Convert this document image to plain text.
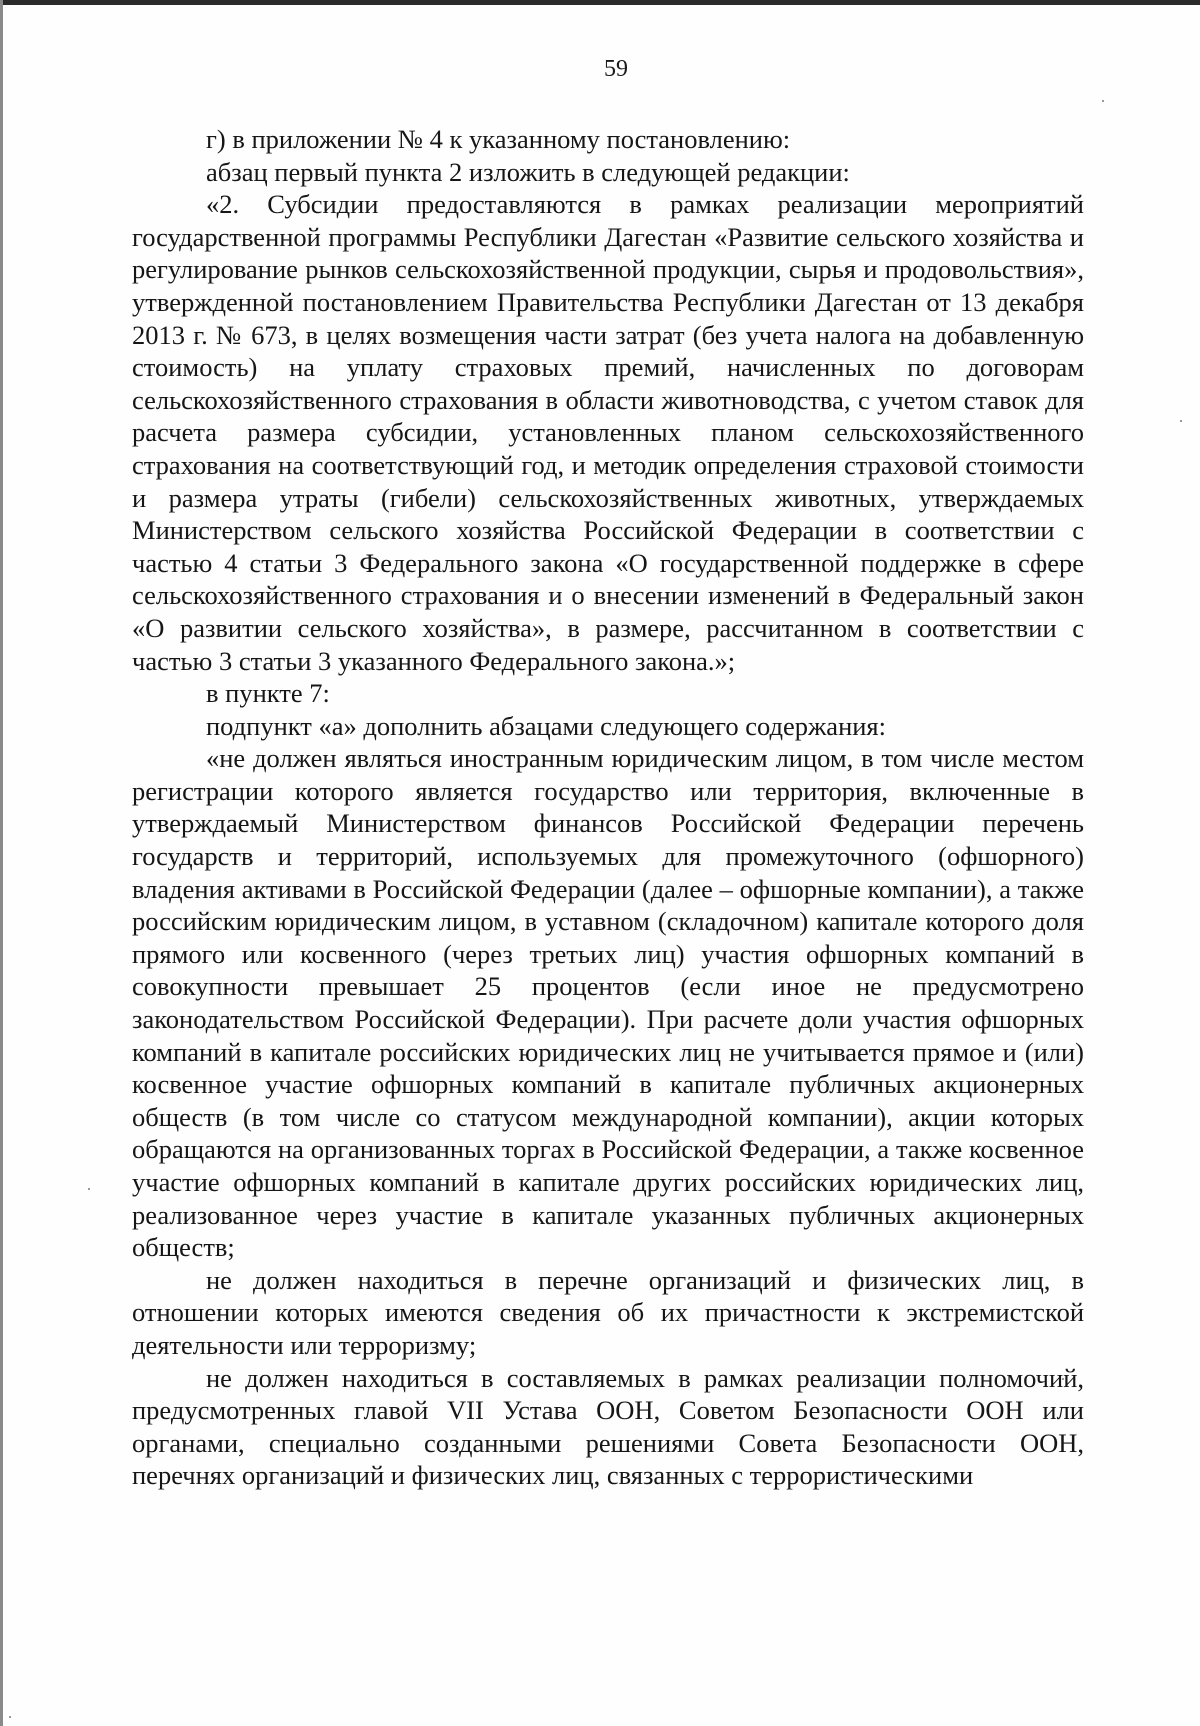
59

г) в приложении № 4 к указанному постановлению:

абзац первый пункта 2 изложить в следующей редакции:

«2. Субсидии предоставляются в рамках реализации мероприятий государственной программы Республики Дагестан «Развитие сельского хозяйства и регулирование рынков сельскохозяйственной продукции, сырья и продовольствия», утвержденной постановлением Правительства Республики Дагестан от 13 декабря 2013 г. № 673, в целях возмещения части затрат (без учета налога на добавленную стоимость) на уплату страховых премий, начисленных по договорам сельскохозяйственного страхования в области животноводства, с учетом ставок для расчета размера субсидии, установленных планом сельскохозяйственного страхования на соответствующий год, и методик определения страховой стоимости и размера утраты (гибели) сельскохозяйственных животных, утверждаемых Министерством сельского хозяйства Российской Федерации в соответствии с частью 4 статьи 3 Федерального закона «О государственной поддержке в сфере сельскохозяйственного страхования и о внесении изменений в Федеральный закон «О развитии сельского хозяйства», в размере, рассчитанном в соответствии с частью 3 статьи 3 указанного Федерального закона.»;

в пункте 7:

подпункт «а» дополнить абзацами следующего содержания:

«не должен являться иностранным юридическим лицом, в том числе местом регистрации которого является государство или территория, включенные в утверждаемый Министерством финансов Российской Федерации перечень государств и территорий, используемых для промежуточного (офшорного) владения активами в Российской Федерации (далее – офшорные компании), а также российским юридическим лицом, в уставном (складочном) капитале которого доля прямого или косвенного (через третьих лиц) участия офшорных компаний в совокупности превышает 25 процентов (если иное не предусмотрено законодательством Российской Федерации). При расчете доли участия офшорных компаний в капитале российских юридических лиц не учитывается прямое и (или) косвенное участие офшорных компаний в капитале публичных акционерных обществ (в том числе со статусом международной компании), акции которых обращаются на организованных торгах в Российской Федерации, а также косвенное участие офшорных компаний в капитале других российских юридических лиц, реализованное через участие в капитале указанных публичных акционерных обществ;

не должен находиться в перечне организаций и физических лиц, в отношении которых имеются сведения об их причастности к экстремистской деятельности или терроризму;

не должен находиться в составляемых в рамках реализации полномочий, предусмотренных главой VII Устава ООН, Советом Безопасности ООН или органами, специально созданными решениями Совета Безопасности ООН, перечнях организаций и физических лиц, связанных с террористическими
